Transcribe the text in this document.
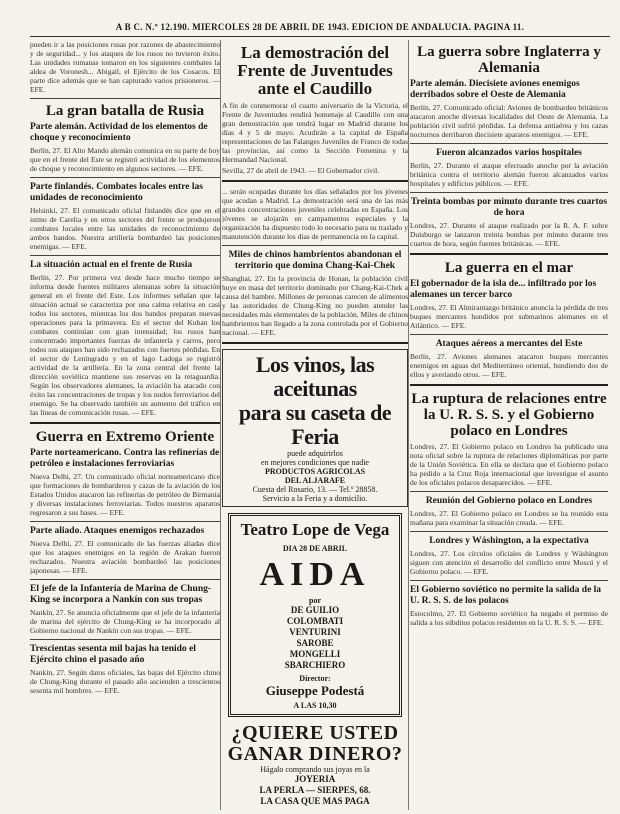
A B C. N.º 12.190. MIERCOLES 28 DE ABRIL DE 1943. EDICION DE ANDALUCIA. PAGINA 11.
pueden ir a las posiciones rusas por razones de abastecimiento y de seguridad... y los ataques de los rusos no tuvieron éxito. Las unidades rumanas tomaron en los siguientes combates la aldea de Voronesh... Abigail, el Ejército de los Cosacos. El parte dice además que se han capturado varios prisioneros. — EFE.
La gran batalla de Rusia
Parte alemán. Actividad de los elementos de choque y reconocimiento
Berlín, 27. El Alto Mando alemán comunica en su parte de hoy que en el frente del Este se registró actividad de los elementos de choque y reconocimiento en algunos sectores. — EFE.
Parte finlandés. Combates locales entre las unidades de reconocimiento
Helsinki, 27. El comunicado oficial finlandés dice que en el istmo de Carelia y en otros sectores del frente se produjeron combates locales entre las unidades de reconocimiento de ambos bandos. Nuestra artillería bombardeó las posiciones enemigas. — EFE.
La situación actual en el frente de Rusia
Berlín, 27. Por primera vez desde hace mucho tiempo se informa desde fuentes militares alemanas sobre la situación general en el frente del Este. Los informes señalan que la situación actual se caracteriza por una calma relativa en casi todos los sectores, mientras los dos bandos preparan nuevas operaciones para la primavera. En el sector del Kuban los combates continúan con gran intensidad; los rusos han concentrado importantes fuerzas de infantería y carros, pero todos sus ataques han sido rechazados con fuertes pérdidas. En el sector de Leningrado y en el lago Ladoga se registró actividad de la artillería. En la zona central del frente la dirección soviética mantiene sus reservas en la retaguardia. Según los observadores alemanes, la aviación ha atacado con éxito las concentraciones de tropas y los nudos ferroviarios del enemigo. Se ha observado también un aumento del tráfico en las líneas de comunicación rusas. — EFE.
Guerra en Extremo Oriente
Parte norteamericano. Contra las refinerías de petróleo e instalaciones ferroviarias
Nueva Delhi, 27. Un comunicado oficial norteamericano dice que formaciones de bombarderos y cazas de la aviación de los Estados Unidos atacaron las refinerías de petróleo de Birmania y diversas instalaciones ferroviarias. Todos nuestros aparatos regresaron a sus bases. — EFE.
Parte aliado. Ataques enemigos rechazados
Nueva Delhi, 27. El comunicado de las fuerzas aliadas dice que los ataques enemigos en la región de Arakan fueron rechazados. Nuestra aviación bombardeó las posiciones japonesas. — EFE.
El jefe de la Infantería de Marina de Chung-King se incorpora a Nankín con sus tropas
Nankín, 27. Se anuncia oficialmente que el jefe de la infantería de marina del ejército de Chung-King se ha incorporado al Gobierno nacional de Nankín con sus tropas. — EFE.
Trescientas sesenta mil bajas ha tenido el Ejército chino el pasado año
Nankín, 27. Según datos oficiales, las bajas del Ejército chino de Chung-King durante el pasado año ascienden a trescientos sesenta mil hombres. — EFE.
La demostración del Frente de Juventudes ante el Caudillo
A fin de conmemorar el cuarto aniversario de la Victoria, el Frente de Juventudes rendirá homenaje al Caudillo con una gran demostración que tendrá lugar en Madrid durante los días 4 y 5 de mayo. Acudirán a la capital de España representaciones de las Falanges Juveniles de Franco de todas las provincias, así como la Sección Femenina y la Hermandad Nacional.
Sevilla, 27 de abril de 1943. — El Gobernador civil.
... serán ocupadas durante los días señalados por los jóvenes que acudan a Madrid. La demostración será una de las más grandes concentraciones juveniles celebradas en España. Los jóvenes se alojarán en campamentos especiales y la organización ha dispuesto todo lo necesario para su traslado y manutención durante los días de permanencia en la capital.
Miles de chinos hambrientos abandonan el territorio que domina Chang-Kai-Chek
Shanghai, 27. En la provincia de Honan, la población civil huye en masa del territorio dominado por Chang-Kai-Chek a causa del hambre. Millones de personas carecen de alimentos y las autoridades de Chung-King no pueden atender las necesidades más elementales de la población. Miles de chinos hambrientos han llegado a la zona controlada por el Gobierno nacional. — EFE.
Los vinos, las aceitunas
para su caseta de Feria
puede adquirirlos
en mejores condiciones que nadie
PRODUCTOS AGRICOLAS
DEL ALJARAFE
Cuesta del Rosario, 13. — Tel.º 28858.
Servicio a la Feria y a domicilio.
Teatro Lope de Vega
DIA 28 DE ABRIL
AIDA
por
DE GUILIO
COLOMBATI
VENTURINI
SAROBE
MONGELLI
SBARCHIERO
Director:
Giuseppe Podestá
A LAS 10,30
¿QUIERE USTED
GANAR DINERO?
Hágalo comprando sus joyas en la
JOYERIA
LA PERLA — SIERPES, 68.
LA CASA QUE MAS PAGA
La guerra sobre Inglaterra y Alemania
Parte alemán. Diecisiete aviones enemigos derribados sobre el Oeste de Alemania
Berlín, 27. Comunicado oficial: Aviones de bombardeo británicos atacaron anoche diversas localidades del Oeste de Alemania. La población civil sufrió pérdidas. La defensa antiaérea y los cazas nocturnos derribaron diecisiete aparatos enemigos. — EFE.
Fueron alcanzados varios hospitales
Berlín, 27. Durante el ataque efectuado anoche por la aviación británica contra el territorio alemán fueron alcanzados varios hospitales y edificios públicos. — EFE.
Treinta bombas por minuto durante tres cuartos de hora
Londres, 27. Durante el ataque realizado por la R. A. F. sobre Duisburgo se lanzaron treinta bombas por minuto durante tres cuartos de hora, según fuentes británicas. — EFE.
La guerra en el mar
El gobernador de la isla de... infiltrado por los alemanes un tercer barco
Londres, 27. El Almirantazgo británico anuncia la pérdida de tres buques mercantes hundidos por submarinos alemanes en el Atlántico. — EFE.
Ataques aéreos a mercantes del Este
Berlín, 27. Aviones alemanes atacaron buques mercantes enemigos en aguas del Mediterráneo oriental, hundiendo dos de ellos y averiando otros. — EFE.
La ruptura de relaciones entre la U. R. S. S. y el Gobierno polaco en Londres
Londres, 27. El Gobierno polaco en Londres ha publicado una nota oficial sobre la ruptura de relaciones diplomáticas por parte de la Unión Soviética. En ella se declara que el Gobierno polaco ha pedido a la Cruz Roja internacional que investigue el asunto de los oficiales polacos desaparecidos. — EFE.
Reunión del Gobierno polaco en Londres
Londres, 27. El Gobierno polaco en Londres se ha reunido esta mañana para examinar la situación creada. — EFE.
Londres y Wáshington, a la expectativa
Londres, 27. Los círculos oficiales de Londres y Wáshington siguen con atención el desarrollo del conflicto entre Moscú y el Gobierno polaco. — EFE.
El Gobierno soviético no permite la salida de la U. R. S. S. de los polacos
Estocolmo, 27. El Gobierno soviético ha negado el permiso de salida a los súbditos polacos residentes en la U. R. S. S. — EFE.
